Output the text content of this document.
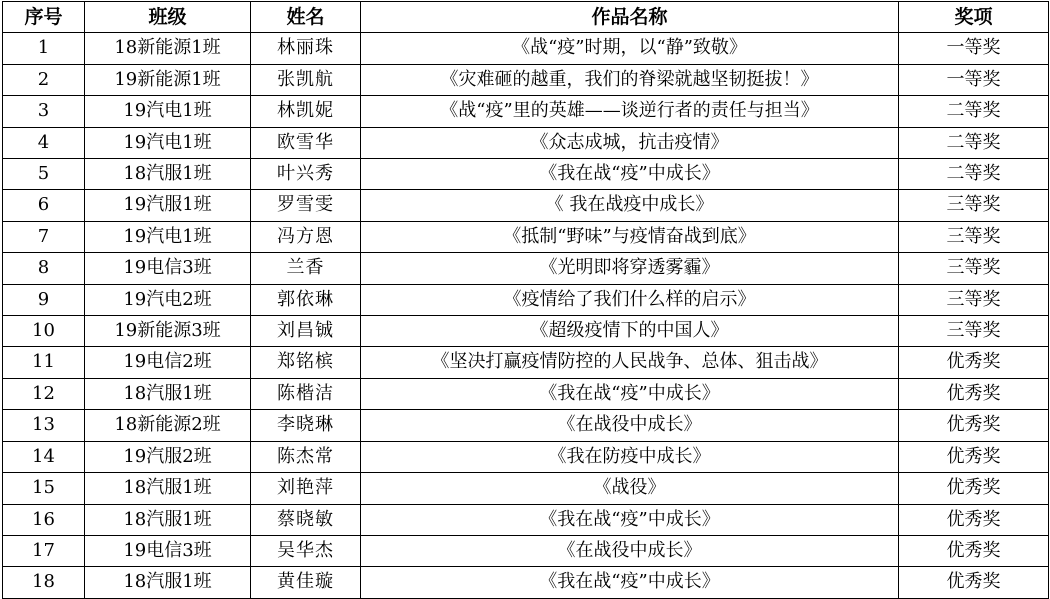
序号	班级	姓名	作品名称	奖项
1	18新能源1班	林丽珠	《战“疫”时期，以“静”致敬》	一等奖
2	19新能源1班	张凯航	《灾难砸的越重，我们的脊梁就越坚韧挺拔！》	一等奖
3	19汽电1班	林凯妮	《战“疫”里的英雄——谈逆行者的责任与担当》	二等奖
4	19汽电1班	欧雪华	《众志成城，抗击疫情》	二等奖
5	18汽服1班	叶兴秀	《我在战“疫”中成长》	二等奖
6	19汽服1班	罗雪雯	《 我在战疫中成长》	三等奖
7	19汽电1班	冯方恩	《抵制“野味”与疫情奋战到底》	三等奖
8	19电信3班	兰香	《光明即将穿透雾霾》	三等奖
9	19汽电2班	郭依琳	《疫情给了我们什么样的启示》	三等奖
10	19新能源3班	刘昌铖	《超级疫情下的中国人》	三等奖
11	19电信2班	郑铭槟	《坚决打赢疫情防控的人民战争、总体、狙击战》	优秀奖
12	18汽服1班	陈楷洁	《我在战“疫”中成长》	优秀奖
13	18新能源2班	李晓琳	《在战役中成长》	优秀奖
14	19汽服2班	陈杰常	《我在防疫中成长》	优秀奖
15	18汽服1班	刘艳萍	《战役》	优秀奖
16	18汽服1班	蔡晓敏	《我在战“疫”中成长》	优秀奖
17	19电信3班	吴华杰	《在战役中成长》	优秀奖
18	18汽服1班	黄佳璇	《我在战“疫”中成长》	优秀奖
